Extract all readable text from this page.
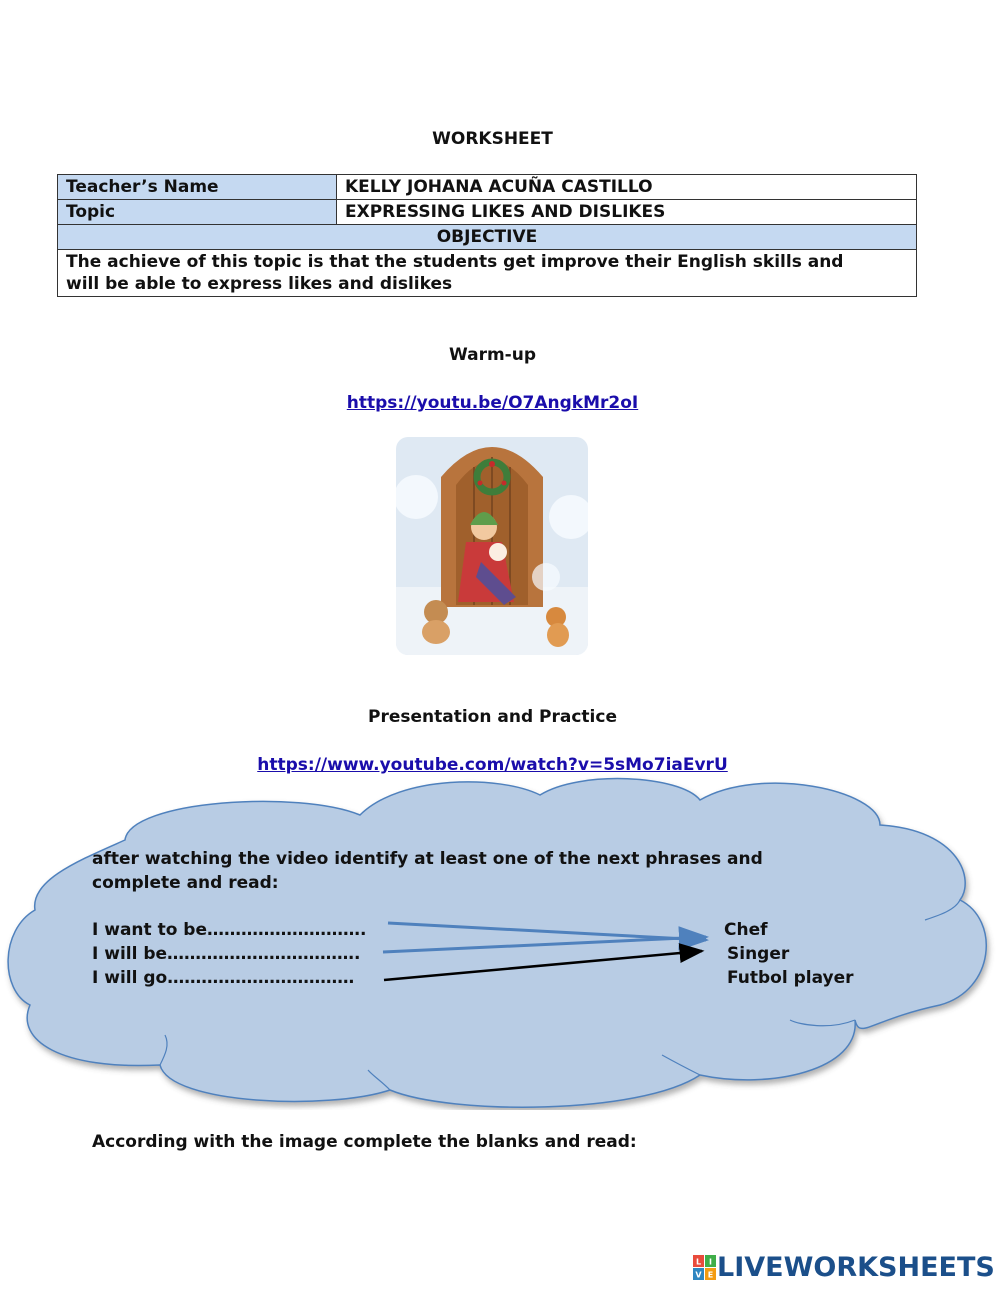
WORKSHEET
Teacher’s Name	KELLY JOHANA ACUÑA CASTILLO
Topic	EXPRESSING LIKES AND DISLIKES
OBJECTIVE	
The achieve of this topic is that the students get improve their English skills and
will be able to express likes and dislikes	
Warm-up
https://youtu.be/O7AngkMr2oI
Presentation and Practice
https://www.youtube.com/watch?v=5sMo7iaEvrU
after watching the video identify at least one of the next phrases and
complete and read:
I want to be……………………….
I will be…………………………….
I will go……………………………
Chef
Singer
Futbol player
According with the image complete the blanks and read:
L I
V E LIVEWORKSHEETS
